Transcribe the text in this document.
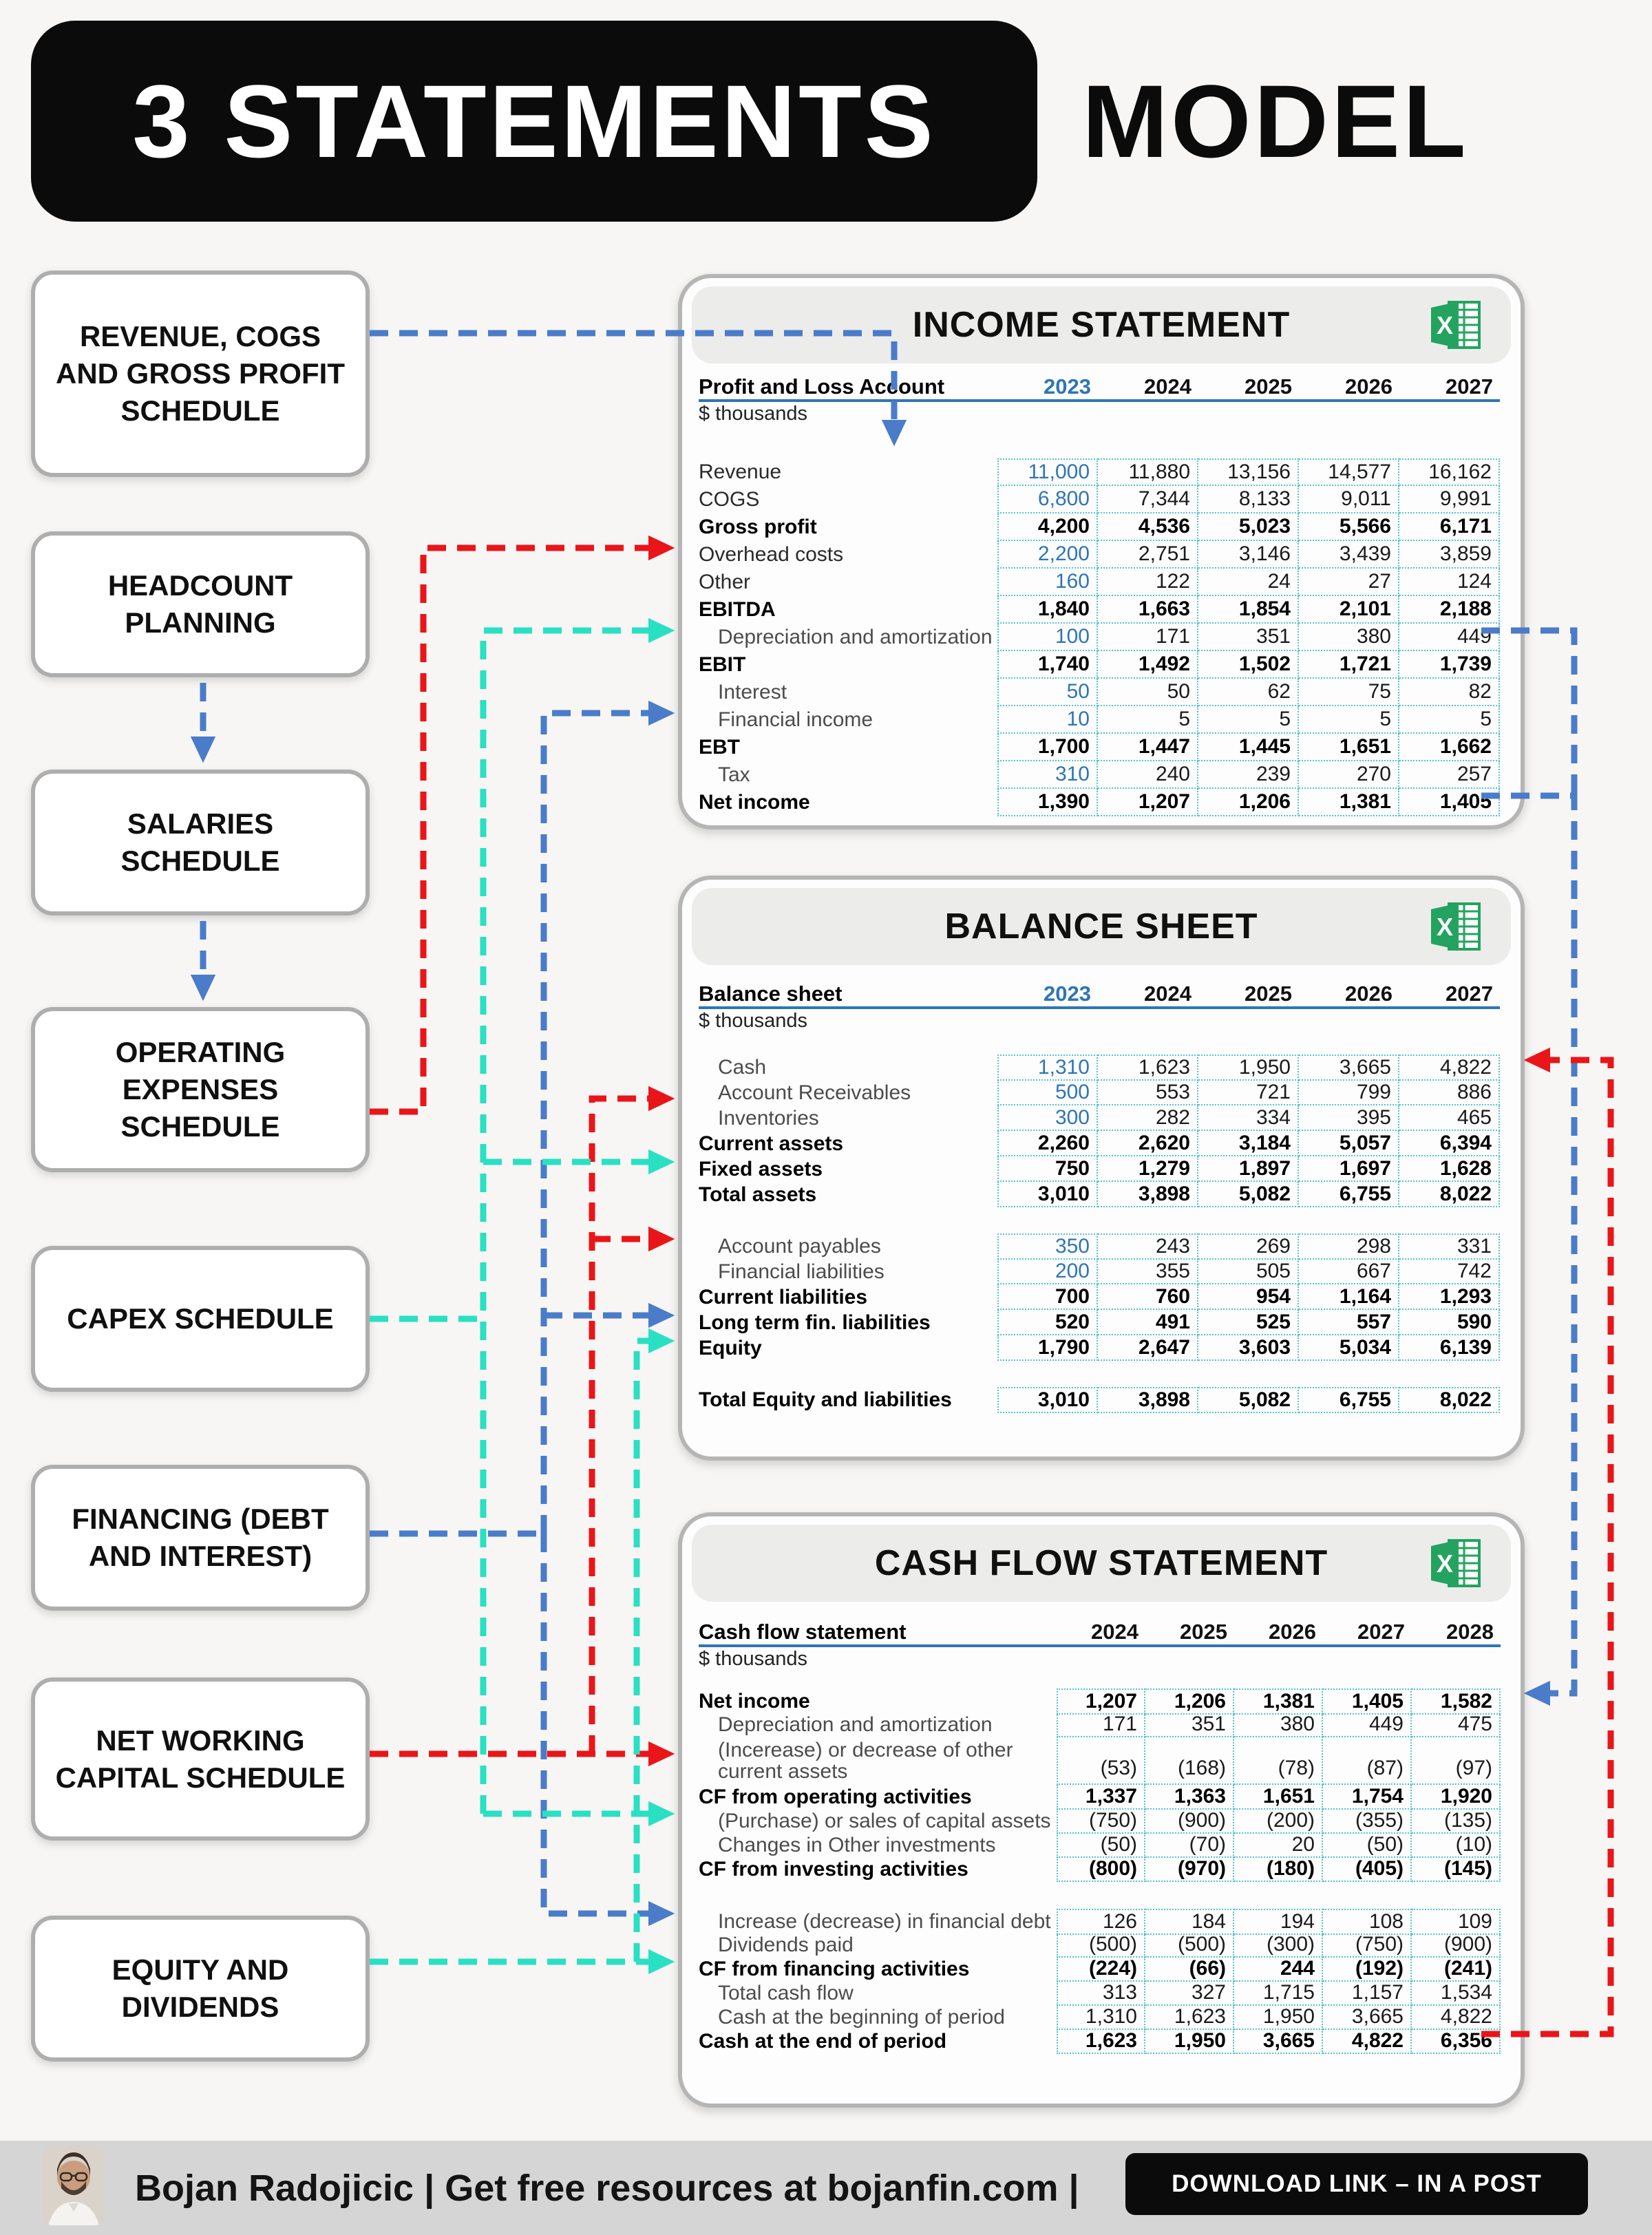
3 STATEMENTS MODEL
REVENUE, COGS AND GROSS PROFIT SCHEDULE
HEADCOUNT PLANNING
SALARIES SCHEDULE
OPERATING EXPENSES SCHEDULE
CAPEX SCHEDULE
FINANCING (DEBT AND INTEREST)
NET WORKING CAPITAL SCHEDULE
EQUITY AND DIVIDENDS
INCOME STATEMENT	X
Profit and Loss Account	2023	2024	2025	2026	2027
$ thousands
Revenue	11,000	11,880	13,156	14,577	16,162
COGS	6,800	7,344	8,133	9,011	9,991
Gross profit	4,200	4,536	5,023	5,566	6,171
Overhead costs	2,200	2,751	3,146	3,439	3,859
Other	160	122	24	27	124
EBITDA	1,840	1,663	1,854	2,101	2,188
Depreciation and amortization	100	171	351	380	449
EBIT	1,740	1,492	1,502	1,721	1,739
Interest	50	50	62	75	82
Financial income	10	5	5	5	5
EBT	1,700	1,447	1,445	1,651	1,662
Tax	310	240	239	270	257
Net income	1,390	1,207	1,206	1,381	1,405
BALANCE SHEET	X
Balance sheet	2023	2024	2025	2026	2027
$ thousands
Cash	1,310	1,623	1,950	3,665	4,822
Account Receivables	500	553	721	799	886
Inventories	300	282	334	395	465
Current assets	2,260	2,620	3,184	5,057	6,394
Fixed assets	750	1,279	1,897	1,697	1,628
Total assets	3,010	3,898	5,082	6,755	8,022
Account payables	350	243	269	298	331
Financial liabilities	200	355	505	667	742
Current liabilities	700	760	954	1,164	1,293
Long term fin. liabilities	520	491	525	557	590
Equity	1,790	2,647	3,603	5,034	6,139
Total Equity and liabilities	3,010	3,898	5,082	6,755	8,022
CASH FLOW STATEMENT	X
Cash flow statement	2024	2025	2026	2027	2028
$ thousands
Net income	1,207	1,206	1,381	1,405	1,582
Depreciation and amortization	171	351	380	449	475
(Incerease) or decrease of other current assets	(53)	(168)	(78)	(87)	(97)
CF from operating activities	1,337	1,363	1,651	1,754	1,920
(Purchase) or sales of capital assets	(750)	(900)	(200)	(355)	(135)
Changes in Other investments	(50)	(70)	20	(50)	(10)
CF from investing activities	(800)	(970)	(180)	(405)	(145)
Increase (decrease) in financial debt	126	184	194	108	109
Dividends paid	(500)	(500)	(300)	(750)	(900)
CF from financing activities	(224)	(66)	244	(192)	(241)
Total cash flow	313	327	1,715	1,157	1,534
Cash at the beginning of period	1,310	1,623	1,950	3,665	4,822
Cash at the end of period	1,623	1,950	3,665	4,822	6,356
Bojan Radojicic | Get free resources at bojanfin.com |	DOWNLOAD LINK – IN A POST
